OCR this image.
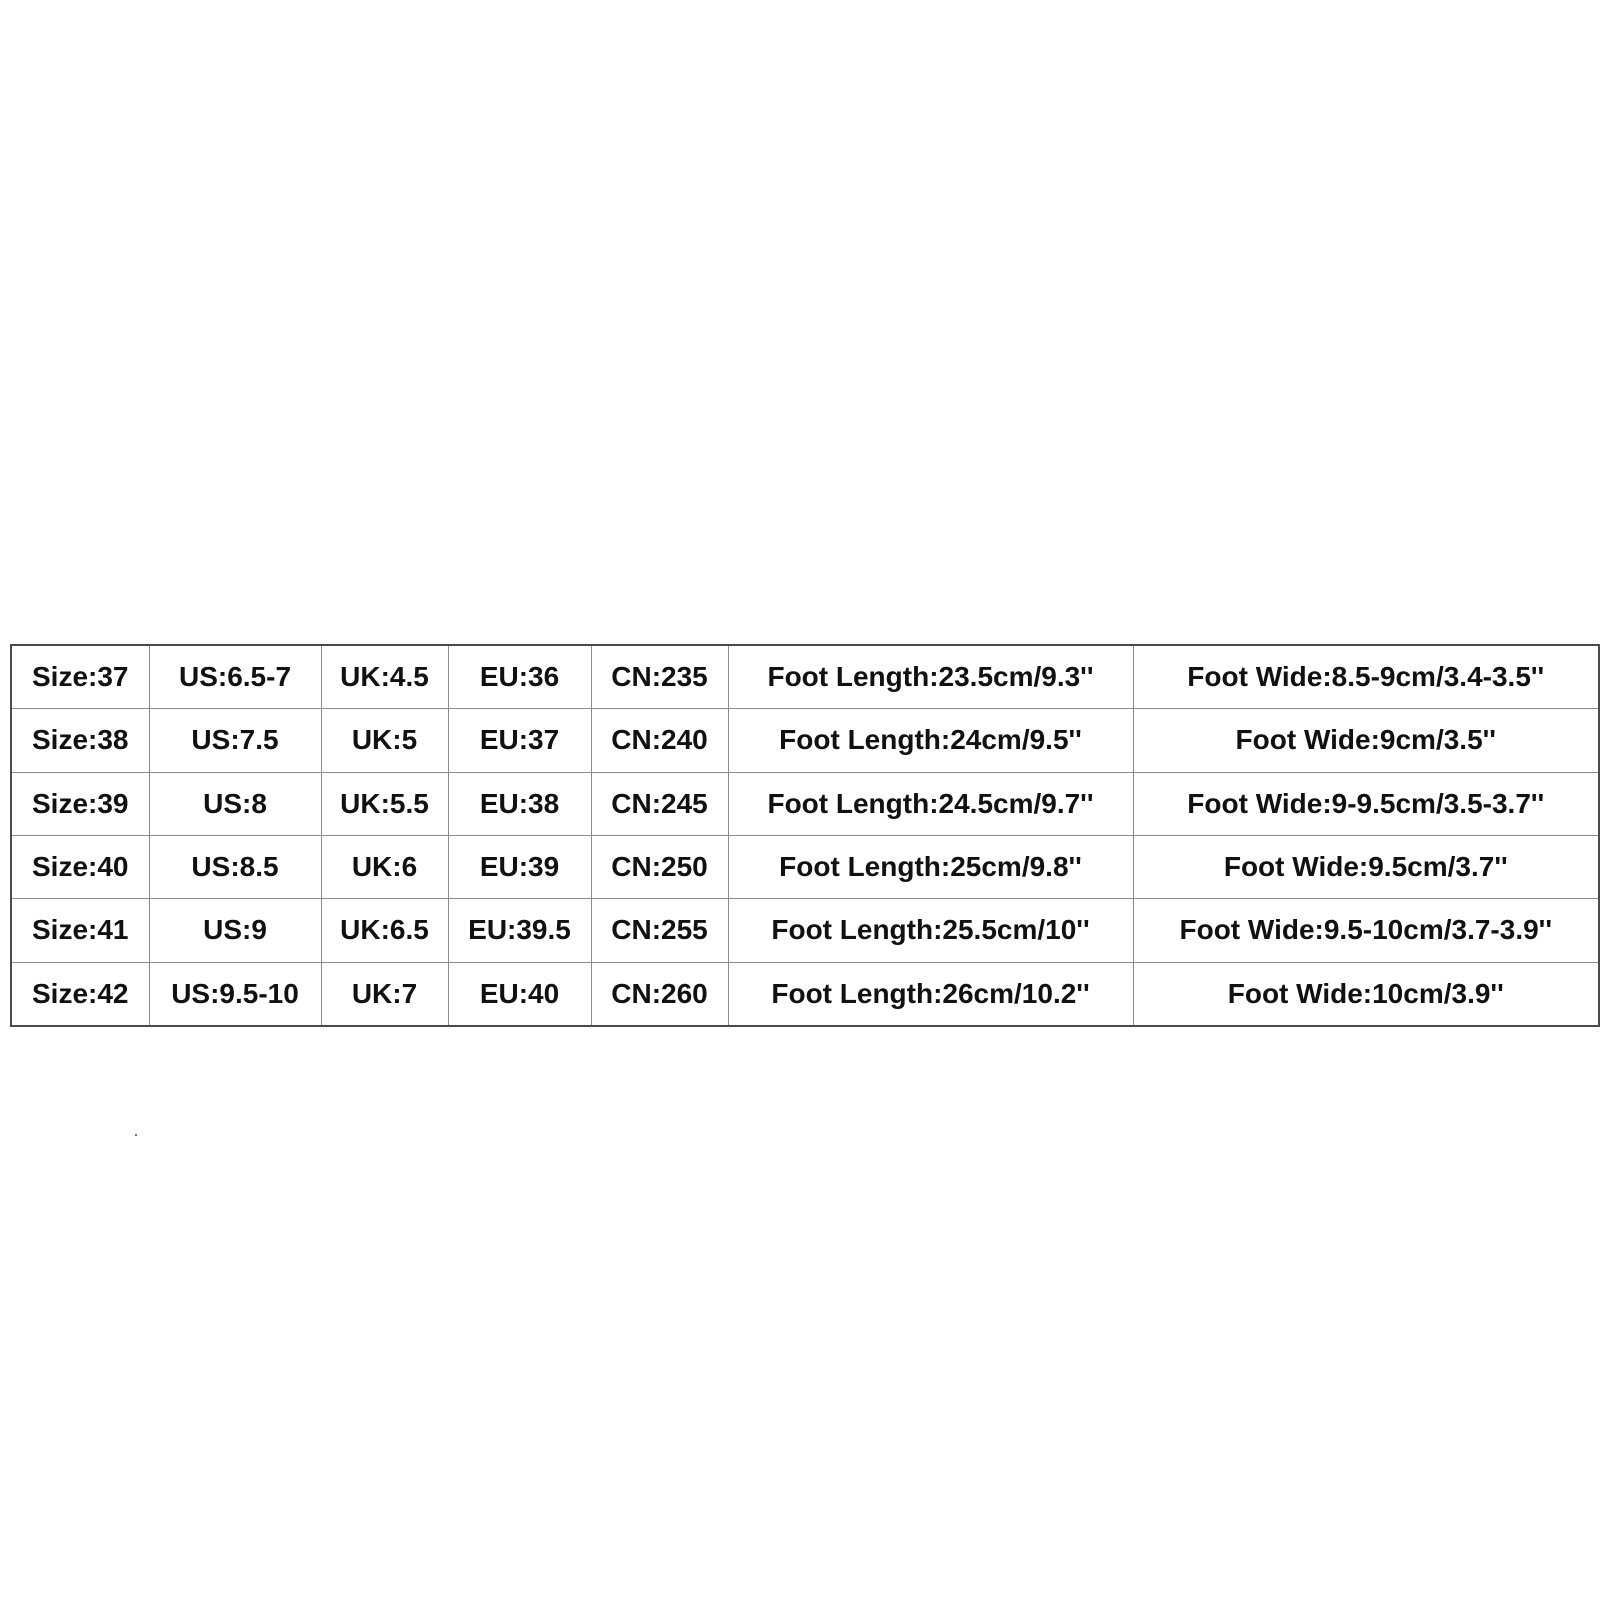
Size:37	US:6.5-7	UK:4.5	EU:36	CN:235	Foot Length:23.5cm/9.3''	Foot Wide:8.5-9cm/3.4-3.5''
Size:38	US:7.5	UK:5	EU:37	CN:240	Foot Length:24cm/9.5''	Foot Wide:9cm/3.5''
Size:39	US:8	UK:5.5	EU:38	CN:245	Foot Length:24.5cm/9.7''	Foot Wide:9-9.5cm/3.5-3.7''
Size:40	US:8.5	UK:6	EU:39	CN:250	Foot Length:25cm/9.8''	Foot Wide:9.5cm/3.7''
Size:41	US:9	UK:6.5	EU:39.5	CN:255	Foot Length:25.5cm/10''	Foot Wide:9.5-10cm/3.7-3.9''
Size:42	US:9.5-10	UK:7	EU:40	CN:260	Foot Length:26cm/10.2''	Foot Wide:10cm/3.9''
